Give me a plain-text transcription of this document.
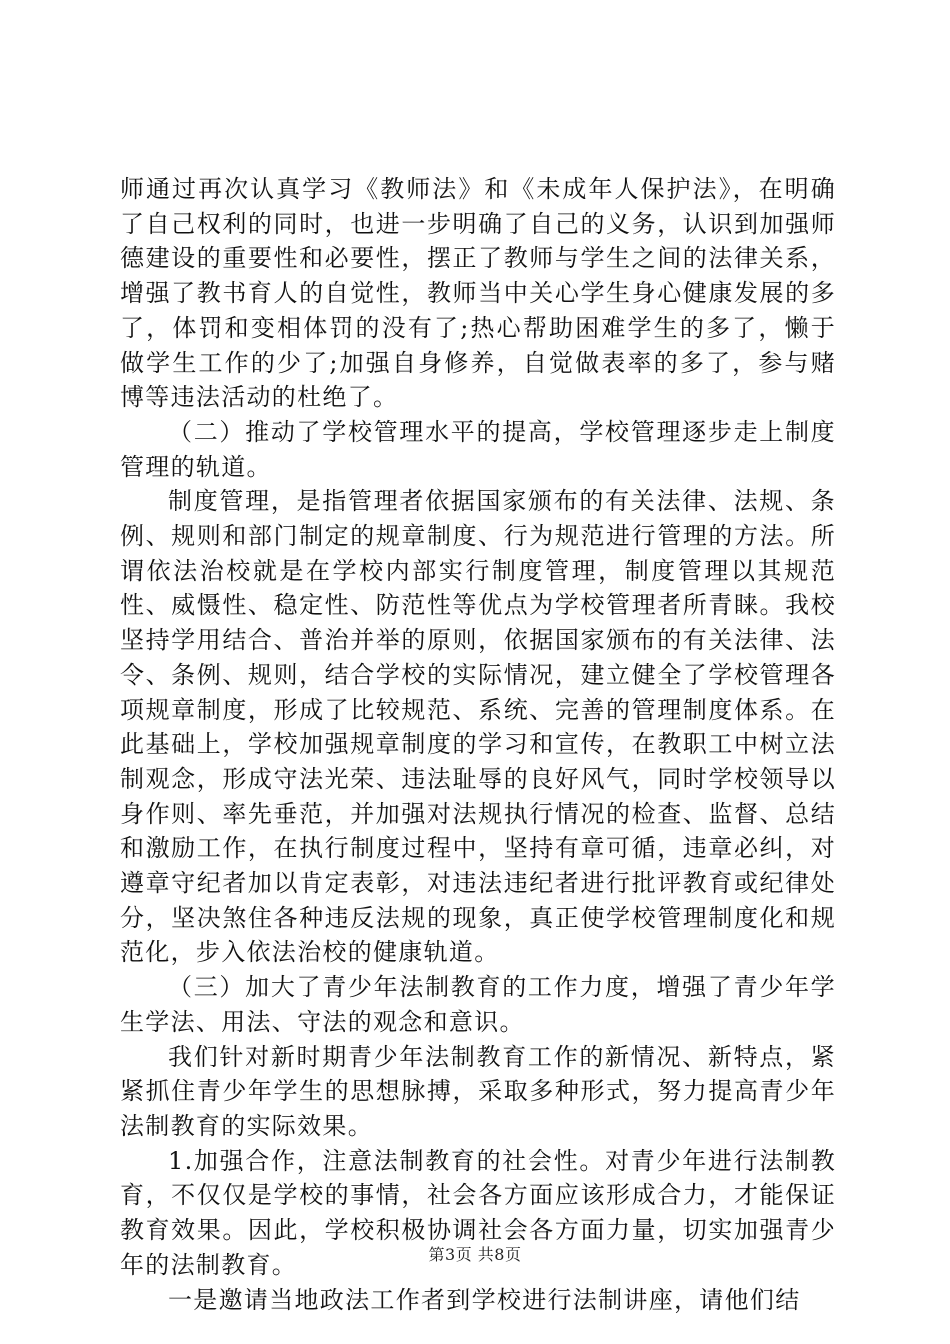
师通过再次认真学习《教师法》和《未成年人保护法》，在明确了自己权利的同时，也进一步明确了自己的义务，认识到加强师德建设的重要性和必要性，摆正了教师与学生之间的法律关系，增强了教书育人的自觉性，教师当中关心学生身心健康发展的多了，体罚和变相体罚的没有了;热心帮助困难学生的多了，懒于做学生工作的少了;加强自身修养，自觉做表率的多了，参与赌博等违法活动的杜绝了。

（二）推动了学校管理水平的提高，学校管理逐步走上制度管理的轨道。

制度管理，是指管理者依据国家颁布的有关法律、法规、条例、规则和部门制定的规章制度、行为规范进行管理的方法。所谓依法治校就是在学校内部实行制度管理，制度管理以其规范性、威慑性、稳定性、防范性等优点为学校管理者所青睐。我校坚持学用结合、普治并举的原则，依据国家颁布的有关法律、法令、条例、规则，结合学校的实际情况，建立健全了学校管理各项规章制度，形成了比较规范、系统、完善的管理制度体系。在此基础上，学校加强规章制度的学习和宣传，在教职工中树立法制观念，形成守法光荣、违法耻辱的良好风气，同时学校领导以身作则、率先垂范，并加强对法规执行情况的检查、监督、总结和激励工作，在执行制度过程中，坚持有章可循，违章必纠，对遵章守纪者加以肯定表彰，对违法违纪者进行批评教育或纪律处分，坚决煞住各种违反法规的现象，真正使学校管理制度化和规范化，步入依法治校的健康轨道。

（三）加大了青少年法制教育的工作力度，增强了青少年学生学法、用法、守法的观念和意识。

我们针对新时期青少年法制教育工作的新情况、新特点，紧紧抓住青少年学生的思想脉搏，采取多种形式，努力提高青少年法制教育的实际效果。

1.加强合作，注意法制教育的社会性。对青少年进行法制教育，不仅仅是学校的事情，社会各方面应该形成合力，才能保证教育效果。因此，学校积极协调社会各方面力量，切实加强青少年的法制教育。

一是邀请当地政法工作者到学校进行法制讲座，请他们结

第3页 共8页
